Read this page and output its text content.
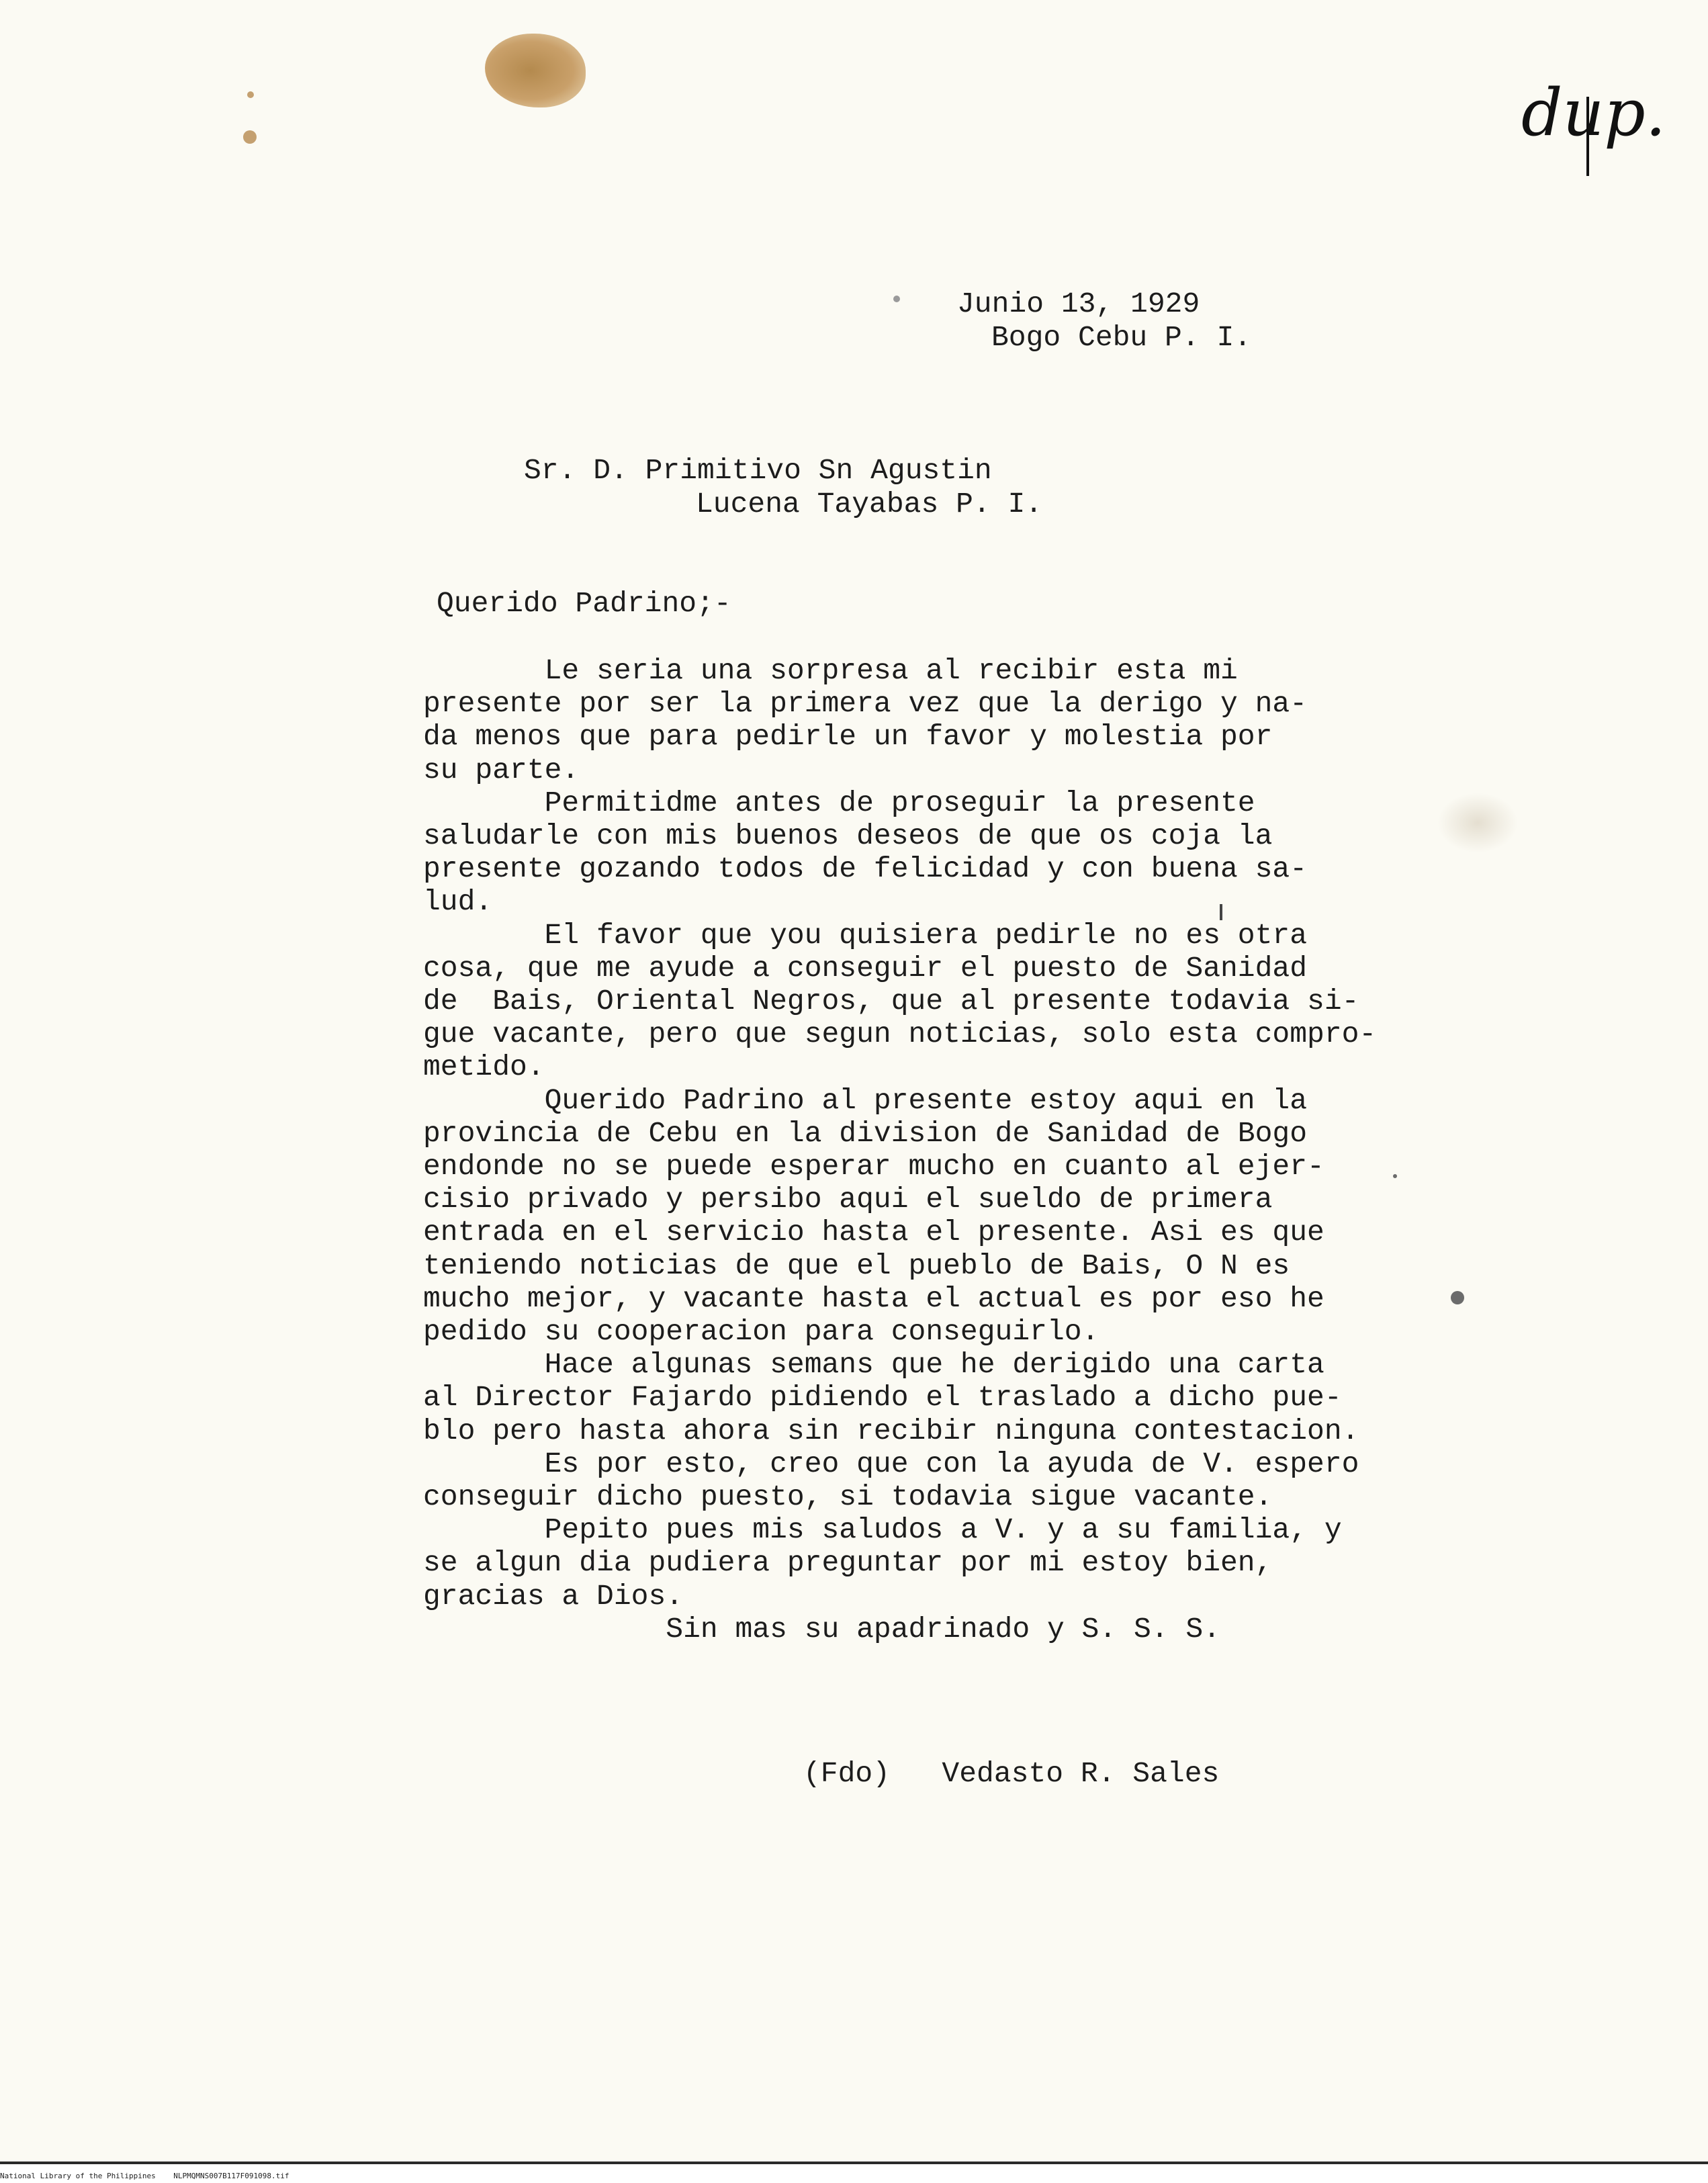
dup.
Junio 13, 1929
Bogo Cebu P. I.
Sr. D. Primitivo Sn Agustin
Lucena Tayabas P. I.
Querido Padrino;-
Le seria una sorpresa al recibir esta mi
presente por ser la primera vez que la derigo y na-
da menos que para pedirle un favor y molestia por
su parte.
Permitidme antes de proseguir la presente
saludarle con mis buenos deseos de que os coja la
presente gozando todos de felicidad y con buena sa-
lud.
El favor que you quisiera pedirle no es otra
cosa, que me ayude a conseguir el puesto de Sanidad
de  Bais, Oriental Negros, que al presente todavia si-
gue vacante, pero que segun noticias, solo esta compro-
metido.
Querido Padrino al presente estoy aqui en la
provincia de Cebu en la division de Sanidad de Bogo
endonde no se puede esperar mucho en cuanto al ejer-
cisio privado y persibo aqui el sueldo de primera
entrada en el servicio hasta el presente. Asi es que
teniendo noticias de que el pueblo de Bais, O N es
mucho mejor, y vacante hasta el actual es por eso he
pedido su cooperacion para conseguirlo.
Hace algunas semans que he derigido una carta
al Director Fajardo pidiendo el traslado a dicho pue-
blo pero hasta ahora sin recibir ninguna contestacion.
Es por esto, creo que con la ayuda de V. espero
conseguir dicho puesto, si todavia sigue vacante.
Pepito pues mis saludos a V. y a su familia, y
se algun dia pudiera preguntar por mi estoy bien,
gracias a Dios.
Sin mas su apadrinado y S. S. S.
(Fdo)   Vedasto R. Sales
National Library of the Philippines NLPMQMNS007B117F091098.tif
